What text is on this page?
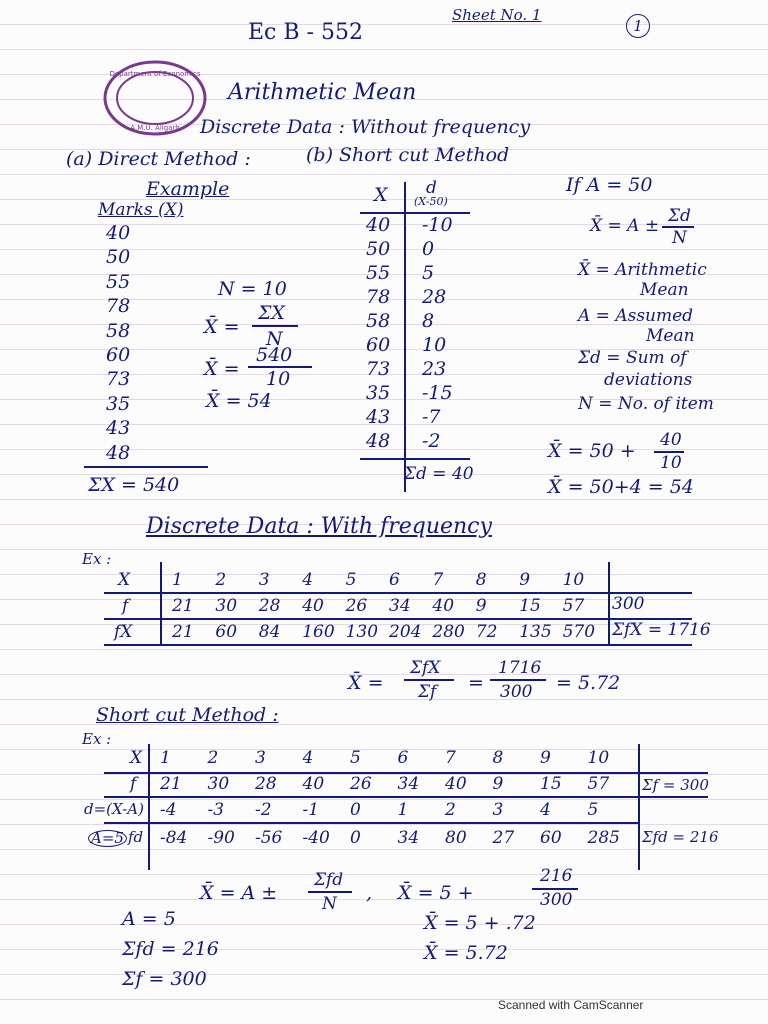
Ec B - 552
Sheet No. 1
1
Department of Economics
A.M.U. Aligarh
Arithmetic Mean
Discrete Data : Without frequency
(a) Direct Method :	(b) Short cut Method
Example
Marks (X)
40
50
55
78
58
60
73
35
43
48
N = 10
X̄ =
ΣX
N
X̄ =
540
10
X̄ = 54
ΣX = 540
X d
(X-50)
40
50
55
78
58
60
73
35
43
48
-10
0
5
28
8
10
23
-15
-7
-2
Σd = 40
If A = 50
X̄ = A ± Σd
N
X̄ = Arithmetic
Mean
A = Assumed
Mean
Σd = Sum of
deviations
N = No. of item
X̄ = 50 + 40
10
X̄ = 50+4 = 54
Discrete Data : With frequency
Ex :
X
f
fX
1 2 3 4 5 6 7 8 9 10
21 30 28 40 26 34 40 9 15 57
21 60 84 160 130 204 280 72 135 570
300
ΣfX = 1716
X̄ =
ΣfX
Σf =
1716
300 = 5.72
Short cut Method :
Ex :
X
f
d=(X-A)
A=5 fd
1 2 3 4 5 6 7 8 9 10
21 30 28 40 26 34 40 9 15 57
-4 -3 -2 -1 0 1 2 3 4 5
-84 -90 -56 -40 0 34 80 27 60 285
Σf = 300
Σfd = 216
X̄ = A ±
Σfd
N , X̄ = 5 +
216
300
X̄ = 5 + .72
X̄ = 5.72
A = 5
Σfd = 216
Σf = 300
Scanned with CamScanner
